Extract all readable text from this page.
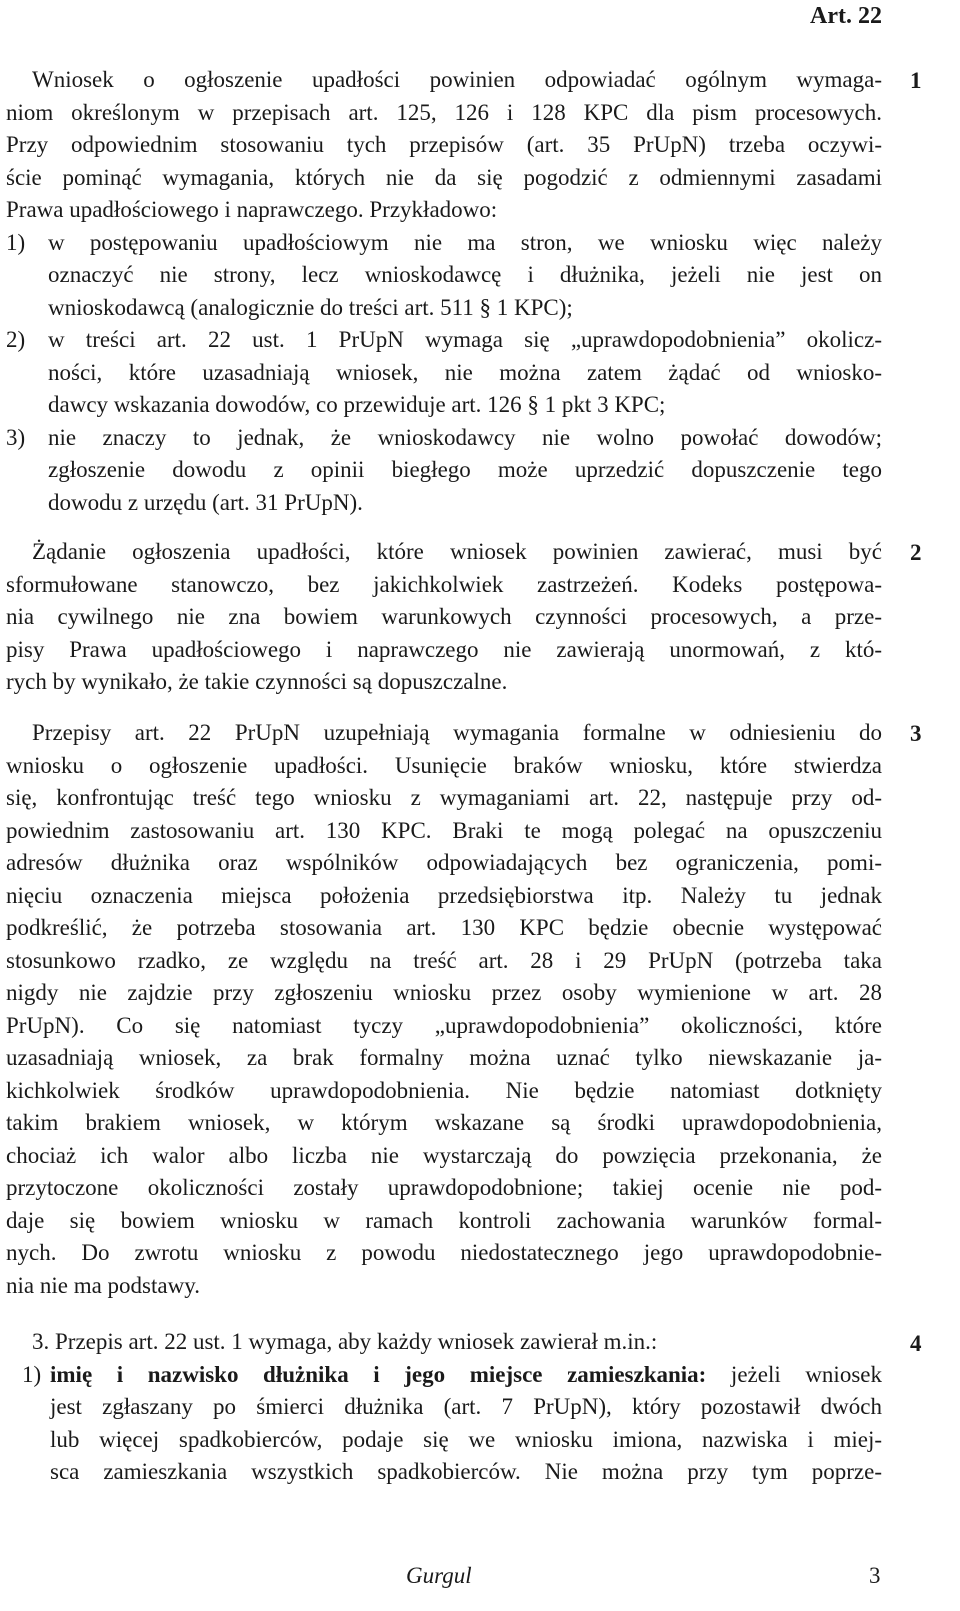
Art. 22
1
2
3
4
Wniosek o ogłoszenie upadłości powinien odpowiadać ogólnym wymaga-
niom określonym w przepisach art. 125, 126 i 128 KPC dla pism procesowych.
Przy odpowiednim stosowaniu tych przepisów (art. 35 PrUpN) trzeba oczywi-
ście pominąć wymagania, których nie da się pogodzić z odmiennymi zasadami
Prawa upadłościowego i naprawczego. Przykładowo:
1) w postępowaniu upadłościowym nie ma stron, we wniosku więc należy
oznaczyć nie strony, lecz wnioskodawcę i dłużnika, jeżeli nie jest on
wnioskodawcą (analogicznie do treści art. 511 § 1 KPC);
2) w treści art. 22 ust. 1 PrUpN wymaga się „uprawdopodobnienia” okolicz-
ności, które uzasadniają wniosek, nie można zatem żądać od wniosko-
dawcy wskazania dowodów, co przewiduje art. 126 § 1 pkt 3 KPC;
3) nie znaczy to jednak, że wnioskodawcy nie wolno powołać dowodów;
zgłoszenie dowodu z opinii biegłego może uprzedzić dopuszczenie tego
dowodu z urzędu (art. 31 PrUpN).
Żądanie ogłoszenia upadłości, które wniosek powinien zawierać, musi być
sformułowane stanowczo, bez jakichkolwiek zastrzeżeń. Kodeks postępowa-
nia cywilnego nie zna bowiem warunkowych czynności procesowych, a prze-
pisy Prawa upadłościowego i naprawczego nie zawierają unormowań, z któ-
rych by wynikało, że takie czynności są dopuszczalne.
Przepisy art. 22 PrUpN uzupełniają wymagania formalne w odniesieniu do
wniosku o ogłoszenie upadłości. Usunięcie braków wniosku, które stwierdza
się, konfrontując treść tego wniosku z wymaganiami art. 22, następuje przy od-
powiednim zastosowaniu art. 130 KPC. Braki te mogą polegać na opuszczeniu
adresów dłużnika oraz wspólników odpowiadających bez ograniczenia, pomi-
nięciu oznaczenia miejsca położenia przedsiębiorstwa itp. Należy tu jednak
podkreślić, że potrzeba stosowania art. 130 KPC będzie obecnie występować
stosunkowo rzadko, ze względu na treść art. 28 i 29 PrUpN (potrzeba taka
nigdy nie zajdzie przy zgłoszeniu wniosku przez osoby wymienione w art. 28
PrUpN). Co się natomiast tyczy „uprawdopodobnienia” okoliczności, które
uzasadniają wniosek, za brak formalny można uznać tylko niewskazanie ja-
kichkolwiek środków uprawdopodobnienia. Nie będzie natomiast dotknięty
takim brakiem wniosek, w którym wskazane są środki uprawdopodobnienia,
chociaż ich walor albo liczba nie wystarczają do powzięcia przekonania, że
przytoczone okoliczności zostały uprawdopodobnione; takiej ocenie nie pod-
daje się bowiem wniosku w ramach kontroli zachowania warunków formal-
nych. Do zwrotu wniosku z powodu niedostatecznego jego uprawdopodobnie-
nia nie ma podstawy.
3. Przepis art. 22 ust. 1 wymaga, aby każdy wniosek zawierał m.in.:
1) imię i nazwisko dłużnika i jego miejsce zamieszkania: jeżeli wniosek
jest zgłaszany po śmierci dłużnika (art. 7 PrUpN), który pozostawił dwóch
lub więcej spadkobierców, podaje się we wniosku imiona, nazwiska i miej-
sca zamieszkania wszystkich spadkobierców. Nie można przy tym poprze-
Gurgul	3
